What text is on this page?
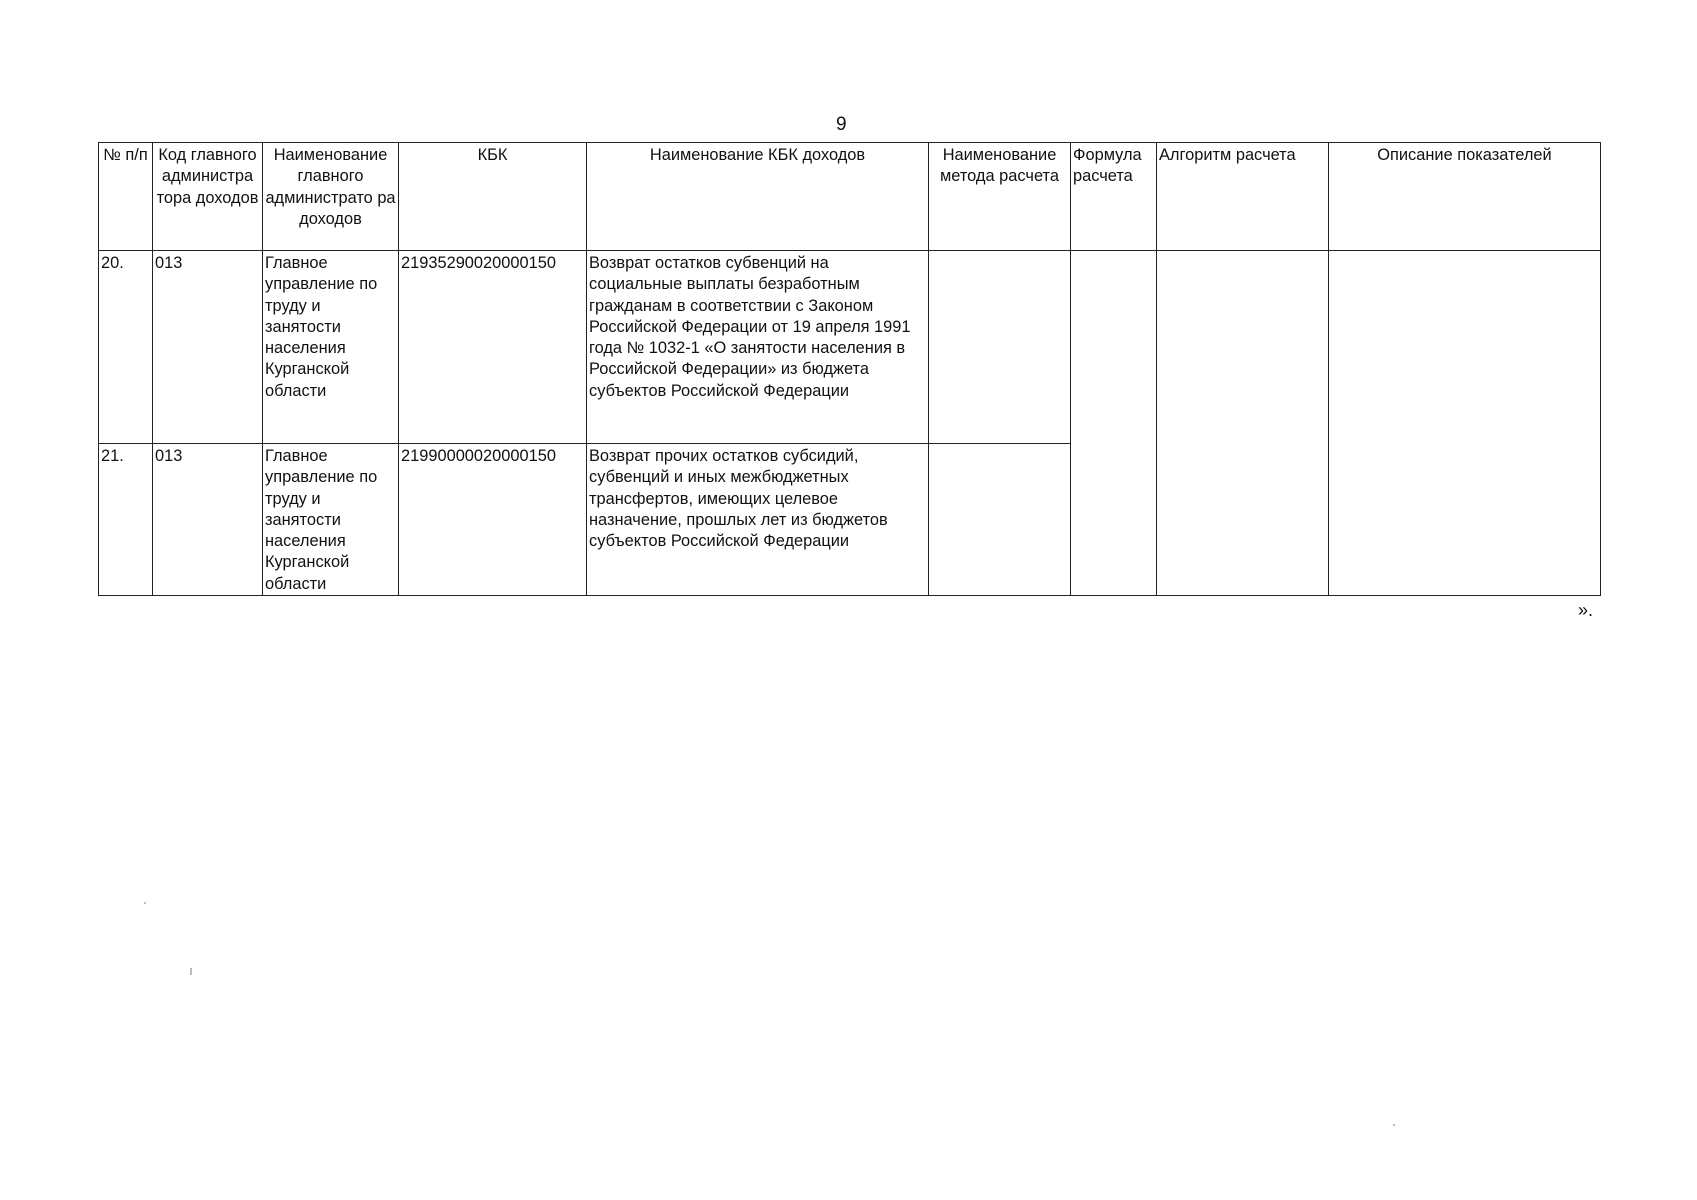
9
№ п/п	Код главного администра тора доходов	Наименование главного администрато ра доходов	КБК	Наименование КБК доходов	Наименование метода расчета	Формула расчета	Алгоритм расчета	Описание показателей
20.	013	Главное управление по труду и занятости населения Курганской области	21935290020000150	Возврат остатков субвенций на социальные выплаты безработным гражданам в соответствии с Законом Российской Федерации от 19 апреля 1991 года № 1032-1 «О занятости населения в Российской Федерации» из бюджета субъектов Российской Федерации				
21.	013	Главное управление по труду и занятости населения Курганской области	21990000020000150	Возврат прочих остатков субсидий, субвенций и иных межбюджетных трансфертов, имеющих целевое назначение, прошлых лет из бюджетов субъектов Российской Федерации				
».
